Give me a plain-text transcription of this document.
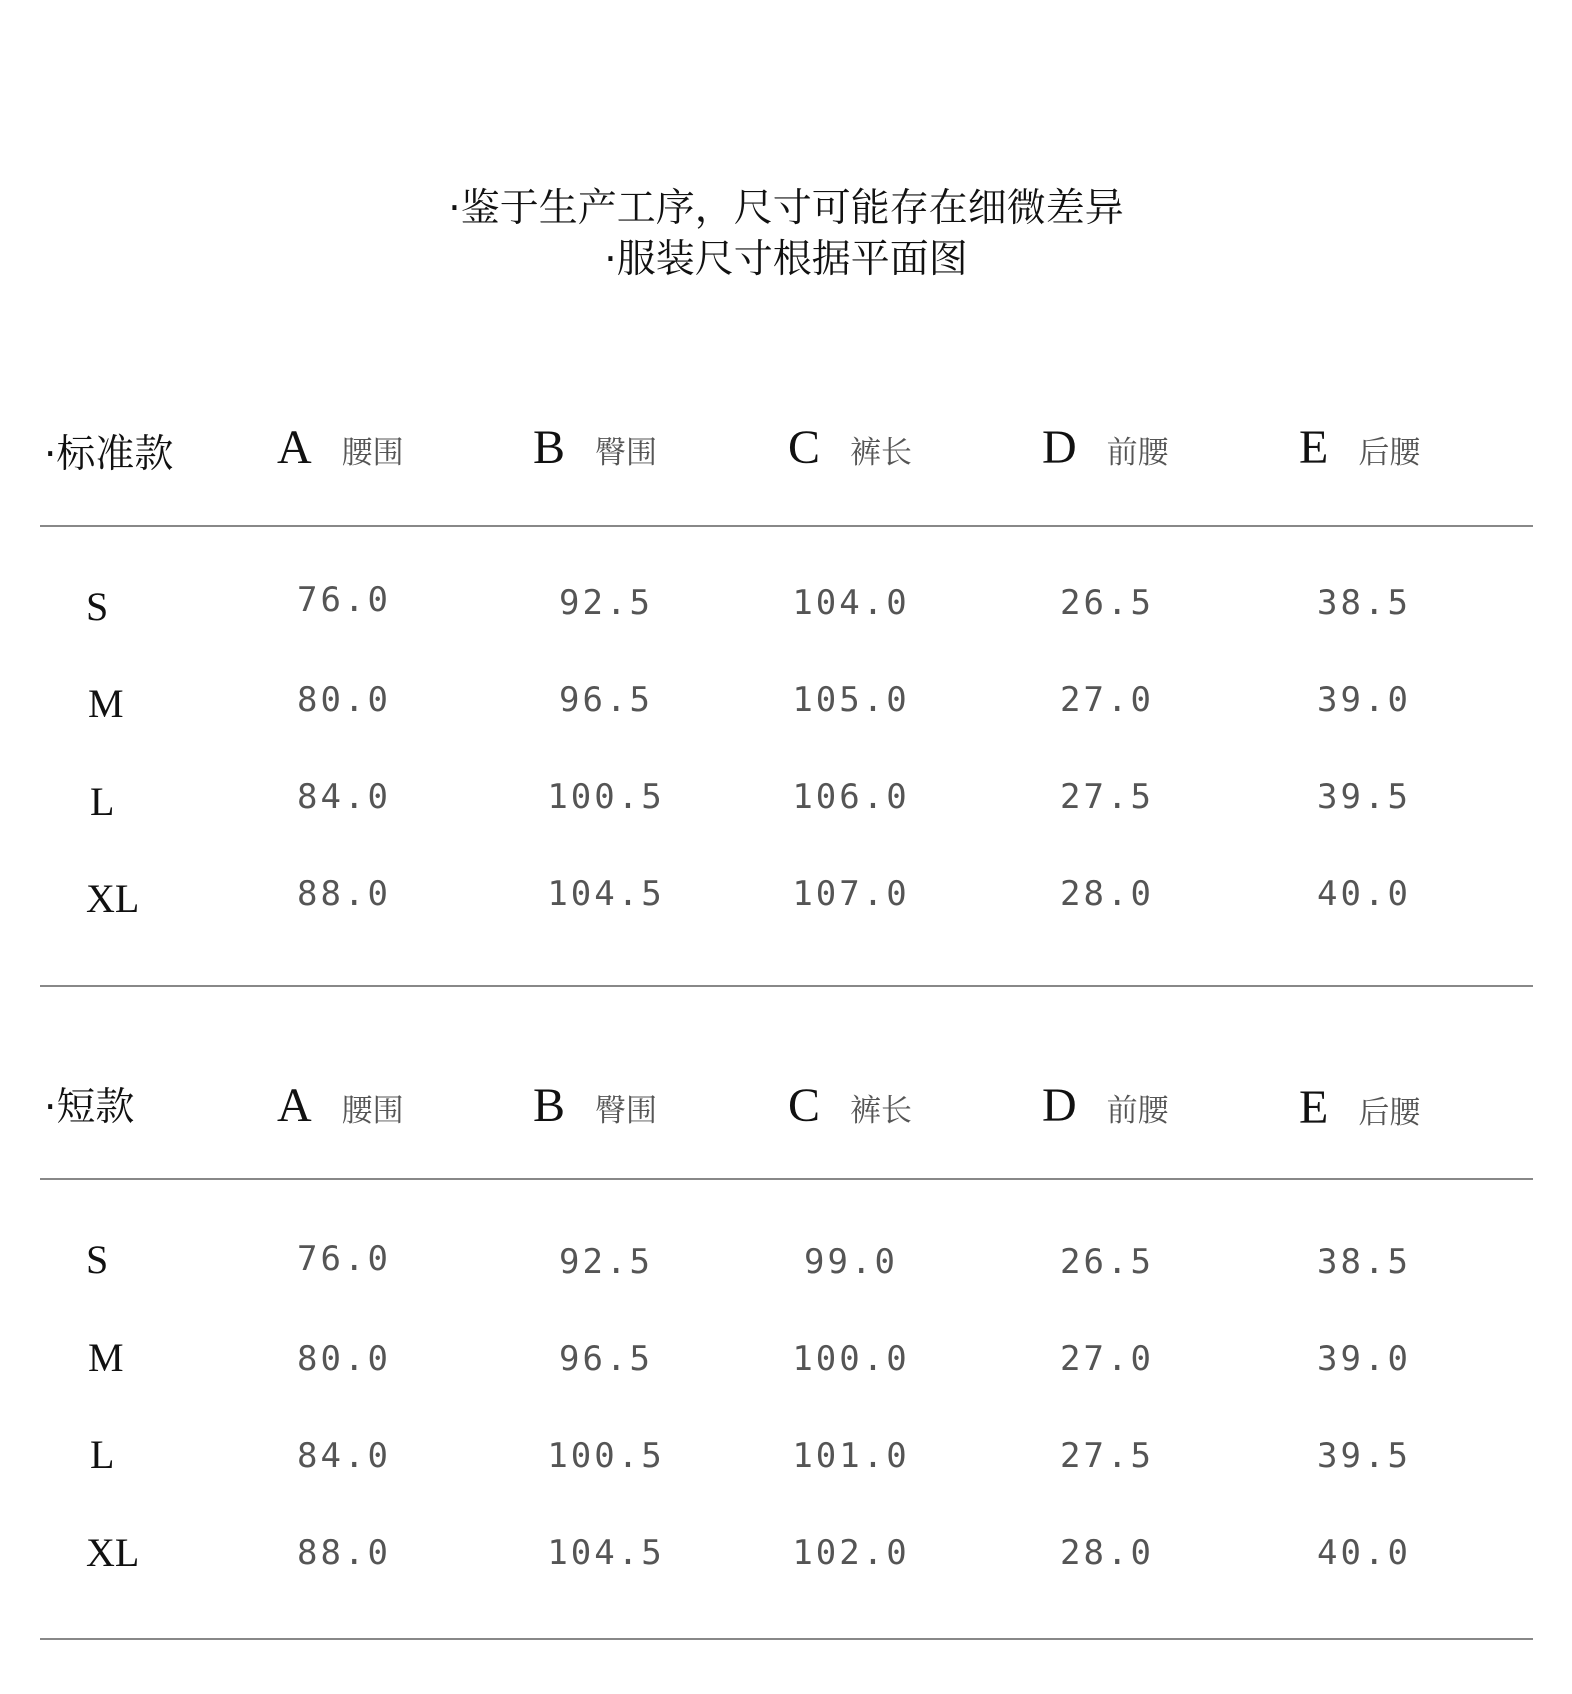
·鉴于生产工序，尺寸可能存在细微差异
·服装尺寸根据平面图
·标准款 A 腰围	B 臀围	C 裤长	D 前腰	E 后腰
S	76.0	92.5	104.0	26.5	38.5
M	80.0	96.5	105.0	27.0	39.0
L	84.0	100.5	106.0	27.5	39.5
XL	88.0	104.5	107.0	28.0	40.0
·短款	A 腰围	B 臀围	C 裤长	D 前腰	E 后腰
S	76.0	92.5	99.0	26.5	38.5
M	80.0	96.5	100.0	27.0	39.0
L	84.0	100.5	101.0	27.5	39.5
XL	88.0	104.5	102.0	28.0	40.0
